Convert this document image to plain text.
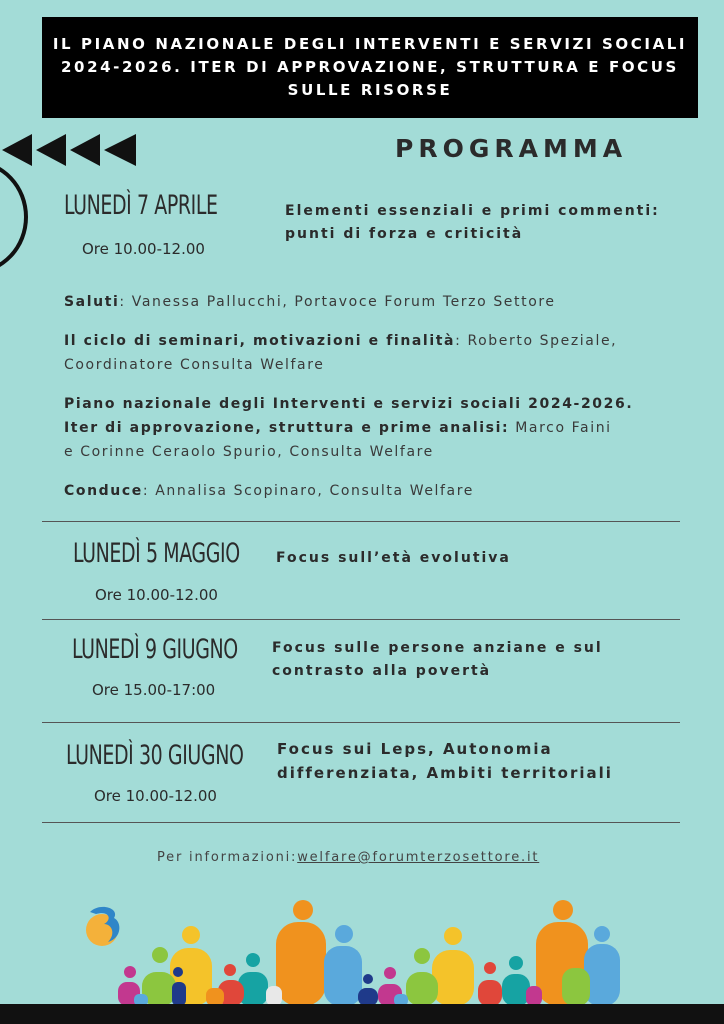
IL PIANO NAZIONALE DEGLI INTERVENTI E SERVIZI SOCIALI 2024-2026. ITER DI APPROVAZIONE, STRUTTURA E FOCUS SULLE RISORSE
PROGRAMMA
LUNEDÌ 7 APRILE
Ore 10.00-12.00
Elementi essenziali e primi commenti:
punti di forza e criticità
Saluti: Vanessa Pallucchi, Portavoce Forum Terzo Settore
Il ciclo di seminari, motivazioni e finalità: Roberto Speziale,
Coordinatore Consulta Welfare
Piano nazionale degli Interventi e servizi sociali 2024-2026.
Iter di approvazione, struttura e prime analisi: Marco Faini
e Corinne Ceraolo Spurio, Consulta Welfare
Conduce: Annalisa Scopinaro, Consulta Welfare
LUNEDÌ 5 MAGGIO
Ore 10.00-12.00
Focus sull’età evolutiva
LUNEDÌ 9 GIUGNO
Ore 15.00-17:00
Focus sulle persone anziane e sul
contrasto alla povertà
LUNEDÌ 30 GIUGNO
Ore 10.00-12.00
Focus sui Leps, Autonomia
differenziata, Ambiti territoriali
Per informazioni:welfare@forumterzosettore.it
